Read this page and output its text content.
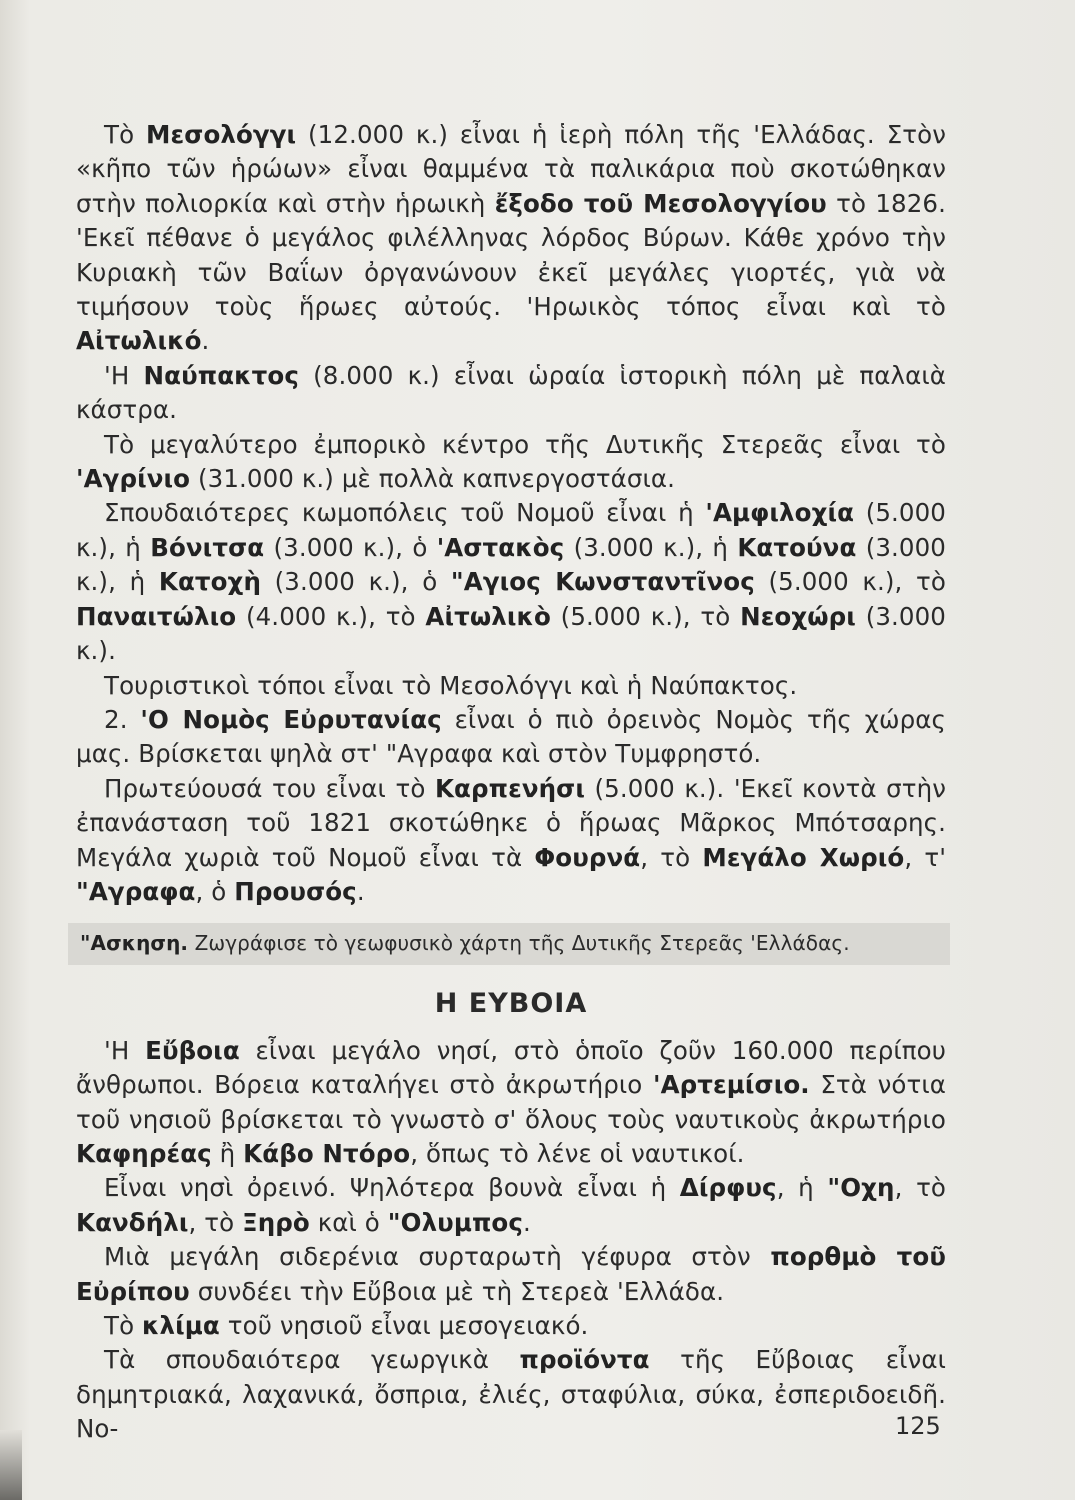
Τὸ Μεσολόγγι (12.000 κ.) εἶναι ἡ ἱερὴ πόλη τῆς 'Ελλάδας. Στὸν «κῆπο τῶν ἡρώων» εἶναι θαμμένα τὰ παλικάρια ποὺ σκοτώθηκαν στὴν πολιορκία καὶ στὴν ἡρωικὴ ἔξοδο τοῦ Μεσολογγίου τὸ 1826. 'Εκεῖ πέθανε ὁ μεγάλος φιλέλληνας λόρδος Βύρων. Κάθε χρόνο τὴν Κυριακὴ τῶν Βαΐων ὀργανώνουν ἐκεῖ μεγάλες γιορτές, γιὰ νὰ τιμήσουν τοὺς ἥρωες αὐτούς. 'Ηρωικὸς τόπος εἶναι καὶ τὸ Αἰτωλικό.

'Η Ναύπακτος (8.000 κ.) εἶναι ὡραία ἱστορικὴ πόλη μὲ παλαιὰ κάστρα.

Τὸ μεγαλύτερο ἐμπορικὸ κέντρο τῆς Δυτικῆς Στερεᾶς εἶναι τὸ 'Αγρίνιο (31.000 κ.) μὲ πολλὰ καπνεργοστάσια.

Σπουδαιότερες κωμοπόλεις τοῦ Νομοῦ εἶναι ἡ 'Αμφιλοχία (5.000 κ.), ἡ Βόνιτσα (3.000 κ.), ὁ 'Αστακὸς (3.000 κ.), ἡ Κατούνα (3.000 κ.), ἡ Κατοχὴ (3.000 κ.), ὁ "Αγιος Κωνσταντῖνος (5.000 κ.), τὸ Παναιτώλιο (4.000 κ.), τὸ Αἰτωλικὸ (5.000 κ.), τὸ Νεοχώρι (3.000 κ.).

Τουριστικοὶ τόποι εἶναι τὸ Μεσολόγγι καὶ ἡ Ναύπακτος.

2. 'Ο Νομὸς Εὐρυτανίας εἶναι ὁ πιὸ ὀρεινὸς Νομὸς τῆς χώρας μας. Βρίσκεται ψηλὰ στ' "Αγραφα καὶ στὸν Τυμφρηστό.

Πρωτεύουσά του εἶναι τὸ Καρπενήσι (5.000 κ.). 'Εκεῖ κοντὰ στὴν ἐπανάσταση τοῦ 1821 σκοτώθηκε ὁ ἥρωας Μᾶρκος Μπότσαρης. Μεγάλα χωριὰ τοῦ Νομοῦ εἶναι τὰ Φουρνά, τὸ Μεγάλο Χωριό, τ' "Αγραφα, ὁ Προυσός.

"Ασκηση. Ζωγράφισε τὸ γεωφυσικὸ χάρτη τῆς Δυτικῆς Στερεᾶς 'Ελλάδας.
Η ΕΥΒΟΙΑ

'Η Εὔβοια εἶναι μεγάλο νησί, στὸ ὁποῖο ζοῦν 160.000 περίπου ἄνθρωποι. Βόρεια καταλήγει στὸ ἀκρωτήριο 'Αρτεμίσιο. Στὰ νότια τοῦ νησιοῦ βρίσκεται τὸ γνωστὸ σ' ὅλους τοὺς ναυτικοὺς ἀκρωτήριο Καφηρέας ἢ Κάβο Ντόρο, ὅπως τὸ λένε οἱ ναυτικοί.

Εἶναι νησὶ ὀρεινό. Ψηλότερα βουνὰ εἶναι ἡ Δίρφυς, ἡ "Οχη, τὸ Κανδήλι, τὸ Ξηρὸ καὶ ὁ "Ολυμπος.

Μιὰ μεγάλη σιδερένια συρταρωτὴ γέφυρα στὸν πορθμὸ τοῦ Εὐρίπου συνδέει τὴν Εὔβοια μὲ τὴ Στερεὰ 'Ελλάδα.

Τὸ κλίμα τοῦ νησιοῦ εἶναι μεσογειακό.

Τὰ σπουδαιότερα γεωργικὰ προϊόντα τῆς Εὔβοιας εἶναι δημητριακά, λαχανικά, ὄσπρια, ἐλιές, σταφύλια, σύκα, ἐσπεριδοειδῆ. Νο-	125
